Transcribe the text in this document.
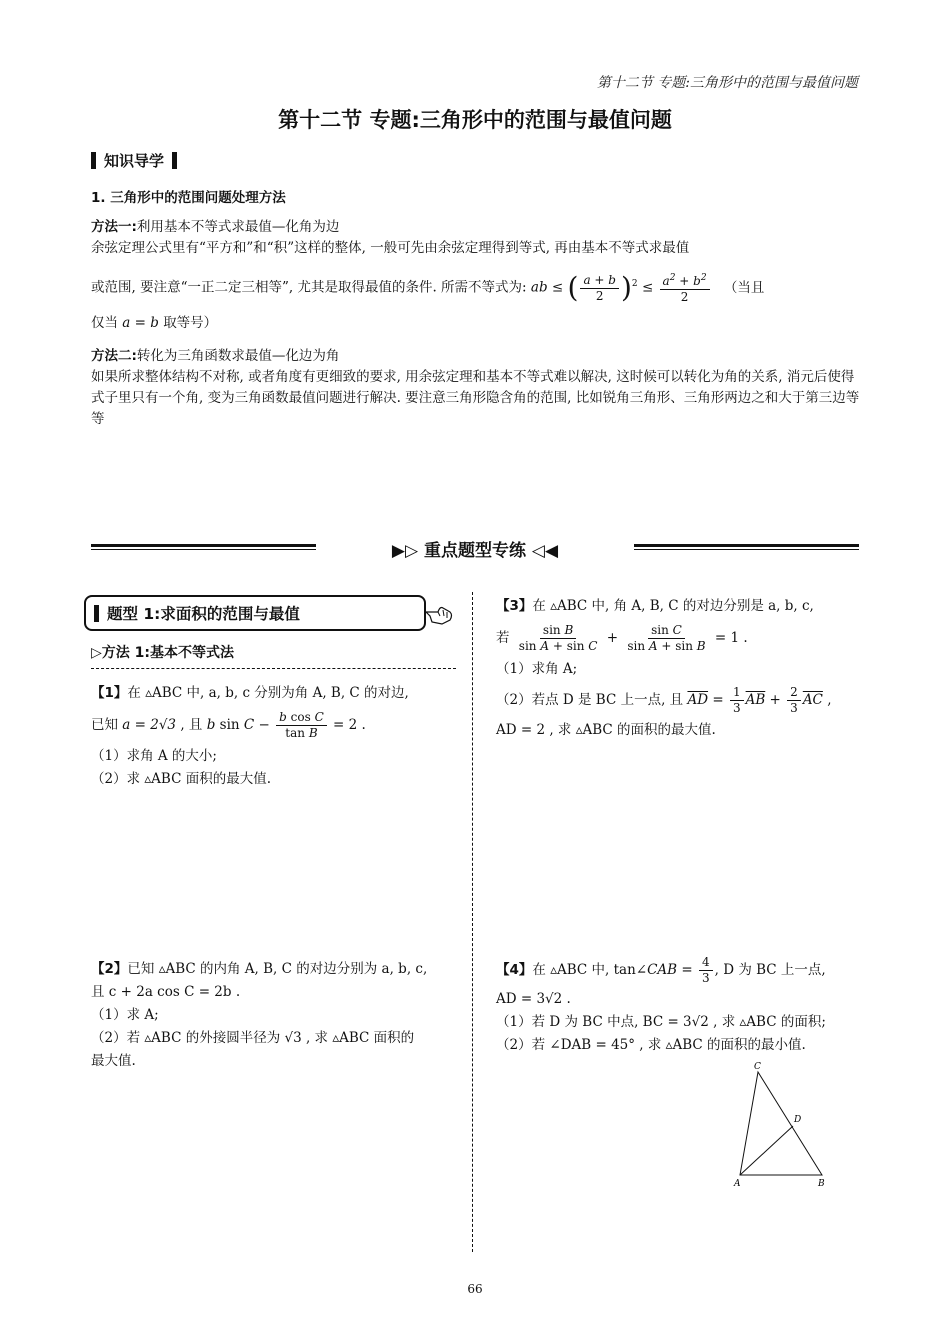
第十二节 专题:三角形中的范围与最值问题
第十二节 专题:三角形中的范围与最值问题
知识导学
1. 三角形中的范围问题处理方法
方法一:利用基本不等式求最值—化角为边
余弦定理公式里有“平方和”和“积”这样的整体, 一般可先由余弦定理得到等式, 再由基本不等式求最值
或范围, 要注意“一正二定三相等”, 尤其是取得最值的条件. 所需不等式为: ab ≤ ( $\frac{a + b}{2} )^2 \le \frac{a^2 + b^2}{2}$ （当且
仅当 a = b 取等号）
方法二:转化为三角函数求最值—化边为角
如果所求整体结构不对称, 或者角度有更细致的要求, 用余弦定理和基本不等式难以解决, 这时候可以转化为角的关系, 消元后使得式子里只有一个角, 变为三角函数最值问题进行解决. 要注意三角形隐含角的范围, 比如锐角三角形、三角形两边之和大于第三边等等
▶▷ 重点题型专练 ◁◀
题型 1:求面积的范围与最值
▷方法 1:基本不等式法
【1】在 ▵ABC 中, a, b, c 分别为角 A, B, C 的对边,
已知 a = 2√3 , 且 b $\sin C - \frac{\text{b cos C}}{\text{tan B}} = 2$ .
（1）求角 A 的大小;
（2）求 ▵ABC 面积的最大值.
【2】已知 ▵ABC 的内角 A, B, C 的对边分别为 a, b, c,
且 c + 2a cos C = 2b .
（1）求 A;
（2）若 ▵ABC 的外接圆半径为 √3 , 求 ▵ABC 面积的
最大值.
【3】在 ▵ABC 中, 角 A, B, C 的对边分别是 a, b, c,
若 $\frac{\text{sin B}}{\text{sin A + sin C}} + \frac{\text{sin C}}{\text{sin A + sin B}} = 1$ .
（1）求角 A;
（2）若点 D 是 BC 上一点, 且 $\overline{AD} = \frac{1}{3} \overline{AB} + \frac{2}{3} \overline{AC}$ ,
AD = 2 , 求 ▵ABC 的面积的最大值.
【4】在 ▵ABC 中, tan∠CAB = $\frac{4}{3}$ , D 为 BC 上一点,
AD = 3√2 .
（1）若 D 为 BC 中点, BC = 3√2 , 求 ▵ABC 的面积;
（2）若 ∠DAB = 45° , 求 ▵ABC 的面积的最小值.
C
D
A	B
66
